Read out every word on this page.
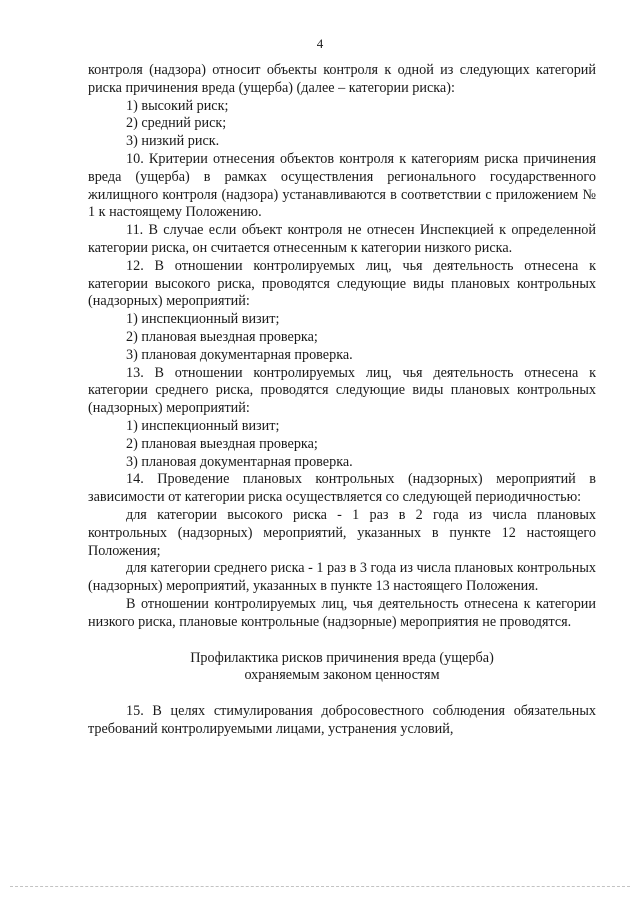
4

контроля (надзора) относит объекты контроля к одной из следующих категорий риска причинения вреда (ущерба) (далее – категории риска):

1) высокий риск;

2) средний риск;

3) низкий риск.

10. Критерии отнесения объектов контроля к категориям риска причинения вреда (ущерба) в рамках осуществления регионального государственного жилищного контроля (надзора) устанавливаются в соответствии с приложением № 1 к настоящему Положению.

11. В случае если объект контроля не отнесен Инспекцией к определенной категории риска, он считается отнесенным к категории низкого риска.

12. В отношении контролируемых лиц, чья деятельность отнесена к категории высокого риска, проводятся следующие виды плановых контрольных (надзорных) мероприятий:

1) инспекционный визит;

2) плановая выездная проверка;

3) плановая документарная проверка.

13. В отношении контролируемых лиц, чья деятельность отнесена к категории среднего риска, проводятся следующие виды плановых контрольных (надзорных) мероприятий:

1) инспекционный визит;

2) плановая выездная проверка;

3) плановая документарная проверка.

14. Проведение плановых контрольных (надзорных) мероприятий в зависимости от категории риска осуществляется со следующей периодичностью:

для категории высокого риска - 1 раз в 2 года из числа плановых контрольных (надзорных) мероприятий, указанных в пункте 12 настоящего Положения;

для категории среднего риска - 1 раз в 3 года из числа плановых контрольных (надзорных) мероприятий, указанных в пункте 13 настоящего Положения.

В отношении контролируемых лиц, чья деятельность отнесена к категории низкого риска, плановые контрольные (надзорные) мероприятия не проводятся.

Профилактика рисков причинения вреда (ущерба)

охраняемым законом ценностям

15. В целях стимулирования добросовестного соблюдения обязательных требований контролируемыми лицами, устранения условий,
